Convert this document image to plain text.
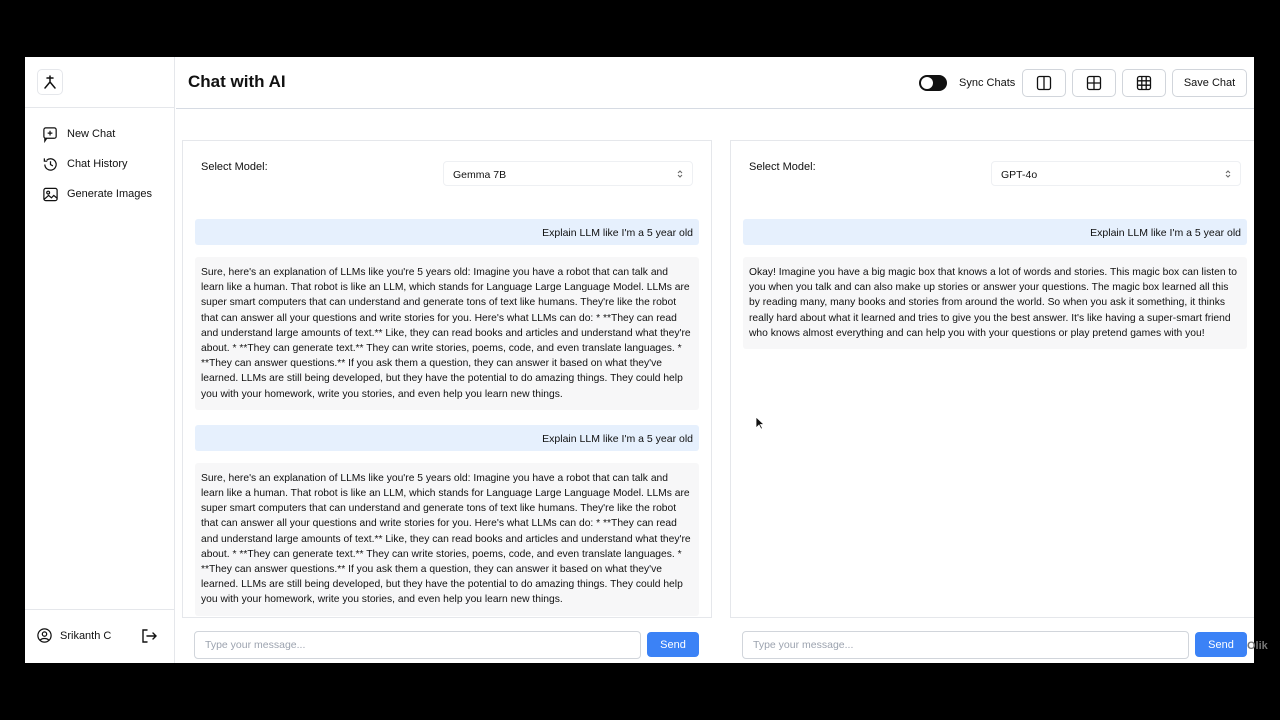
New Chat
Chat History
Generate Images
Srikanth C
Chat with AI	Sync Chats	Save Chat
Select Model:
Gemma 7B
Explain LLM like I'm a 5 year old
Sure, here's an explanation of LLMs like you're 5 years old: Imagine you have a robot that can talk and learn like a human. That robot is like an LLM, which stands for Language Large Language Model. LLMs are super smart computers that can understand and generate tons of text like humans. They're like the robot that can answer all your questions and write stories for you. Here's what LLMs can do: * **They can read and understand large amounts of text.** Like, they can read books and articles and understand what they're about. * **They can generate text.** They can write stories, poems, code, and even translate languages. * **They can answer questions.** If you ask them a question, they can answer it based on what they've learned. LLMs are still being developed, but they have the potential to do amazing things. They could help you with your homework, write you stories, and even help you learn new things.
Explain LLM like I'm a 5 year old
Sure, here's an explanation of LLMs like you're 5 years old: Imagine you have a robot that can talk and learn like a human. That robot is like an LLM, which stands for Language Large Language Model. LLMs are super smart computers that can understand and generate tons of text like humans. They're like the robot that can answer all your questions and write stories for you. Here's what LLMs can do: * **They can read and understand large amounts of text.** Like, they can read books and articles and understand what they're about. * **They can generate text.** They can write stories, poems, code, and even translate languages. * **They can answer questions.** If you ask them a question, they can answer it based on what they've learned. LLMs are still being developed, but they have the potential to do amazing things. They could help you with your homework, write you stories, and even help you learn new things.
Select Model:
GPT-4o
Explain LLM like I'm a 5 year old
Okay! Imagine you have a big magic box that knows a lot of words and stories. This magic box can listen to you when you talk and can also make up stories or answer your questions. The magic box learned all this by reading many, many books and stories from around the world. So when you ask it something, it thinks really hard about what it learned and tries to give you the best answer. It's like having a super-smart friend who knows almost everything and can help you with your questions or play pretend games with you!
Type your message...
Send
Type your message...	Send	Olik
